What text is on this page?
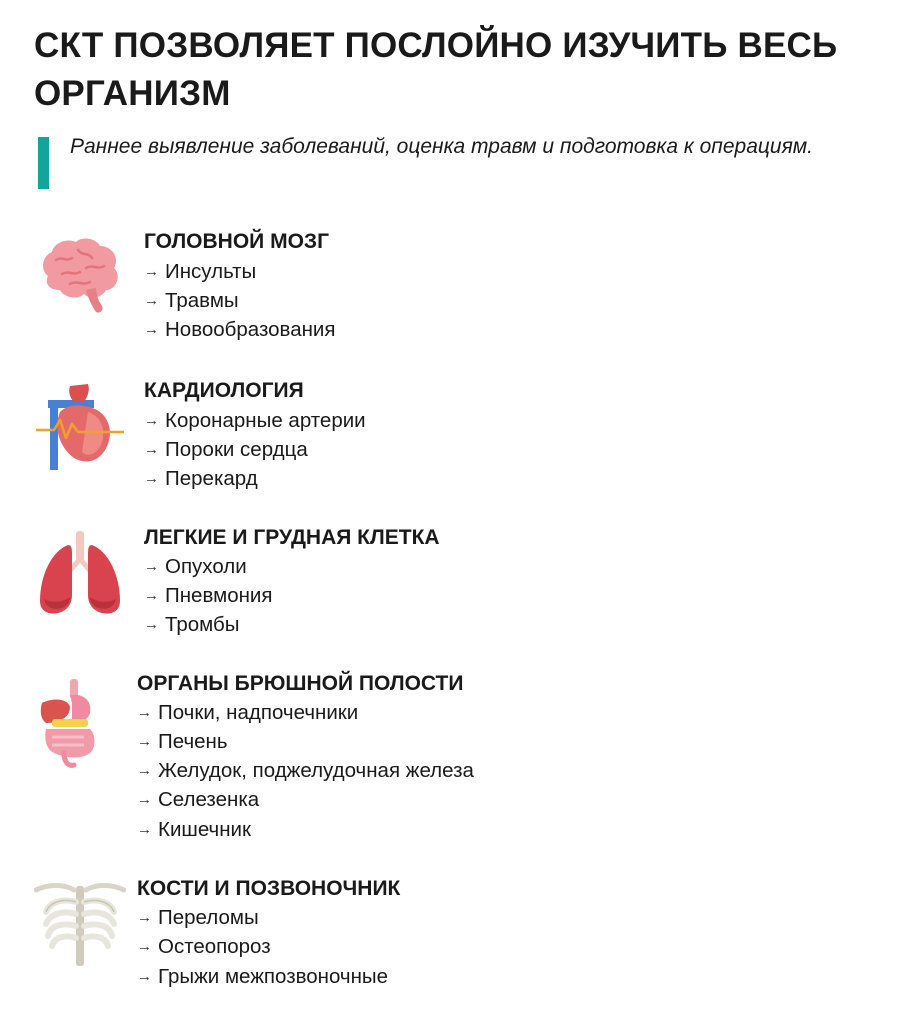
СКТ ПОЗВОЛЯЕТ ПОСЛОЙНО ИЗУЧИТЬ ВЕСЬ ОРГАНИЗМ
Раннее выявление заболеваний, оценка травм и подготовка к операциям.
ГОЛОВНОЙ МОЗГ
→ Инсульты
→ Травмы
→ Новообразования
КАРДИОЛОГИЯ
→ Коронарные артерии
→ Пороки сердца
→ Перекард
ЛЕГКИЕ И ГРУДНАЯ КЛЕТКА
→ Опухоли
→ Пневмония
→ Тромбы
ОРГАНЫ БРЮШНОЙ ПОЛОСТИ
→ Почки, надпочечники
→ Печень
→ Желудок, поджелудочная железа
→ Селезенка
→ Кишечник
КОСТИ И ПОЗВОНОЧНИК
→ Переломы
→ Остеопороз
→ Грыжи межпозвоночные
